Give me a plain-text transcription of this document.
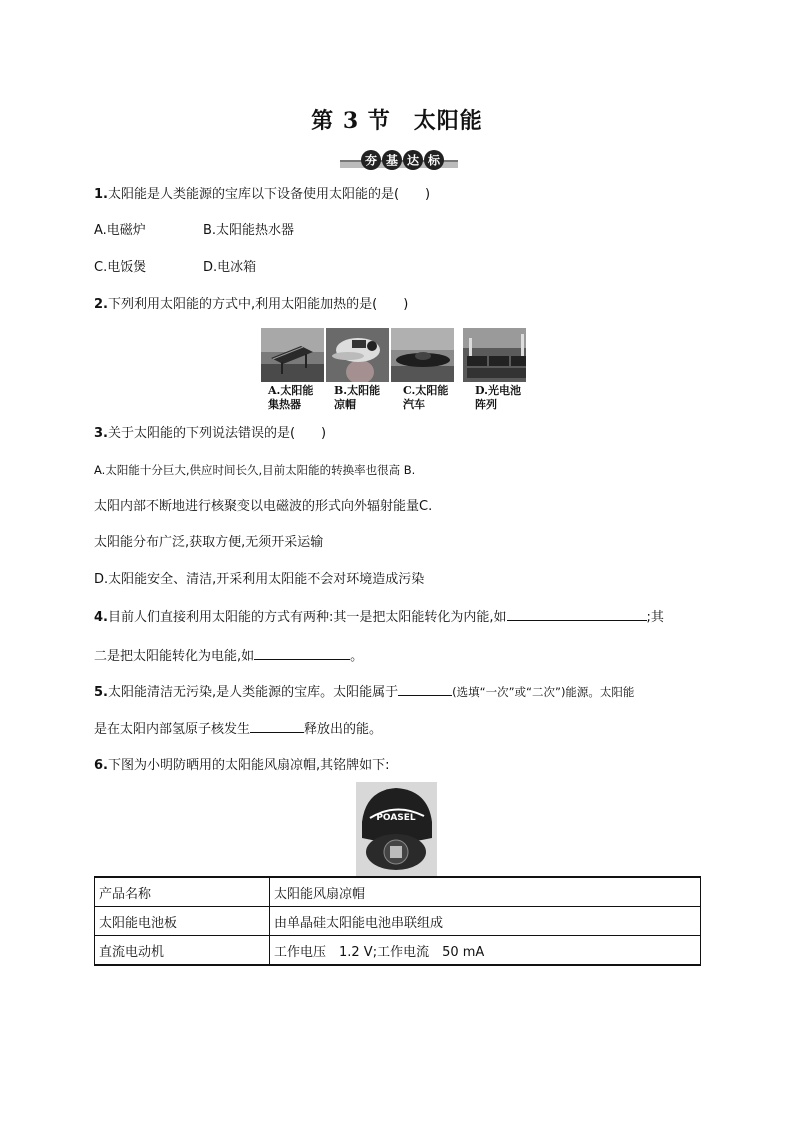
第 3 节　太阳能
夯 基 达 标
1.太阳能是人类能源的宝库以下设备使用太阳能的是(　　)
A.电磁炉	B.太阳能热水器
C.电饭煲	D.电冰箱
2.下列利用太阳能的方式中,利用太阳能加热的是(　　)
A.太阳能
集热器
B.太阳能
凉帽
C.太阳能
汽车
D.光电池
阵列
3.关于太阳能的下列说法错误的是(　　)
A.太阳能十分巨大,供应时间长久,目前太阳能的转换率也很高 B.
太阳内部不断地进行核聚变以电磁波的形式向外辐射能量C.
太阳能分布广泛,获取方便,无须开采运输
D.太阳能安全、清洁,开采利用太阳能不会对环境造成污染
4.目前人们直接利用太阳能的方式有两种:其一是把太阳能转化为内能,如	;其
二是把太阳能转化为电能,如	。
5.太阳能清洁无污染,是人类能源的宝库。太阳能属于	(选填“一次”或“二次”)能源。太阳能
是在太阳内部氢原子核发生	释放出的能。
6.下图为小明防晒用的太阳能风扇凉帽,其铭牌如下:
POASEL
产品名称	太阳能风扇凉帽
太阳能电池板	由单晶硅太阳能电池串联组成
直流电动机	工作电压　1.2 V;工作电流　50 mA
